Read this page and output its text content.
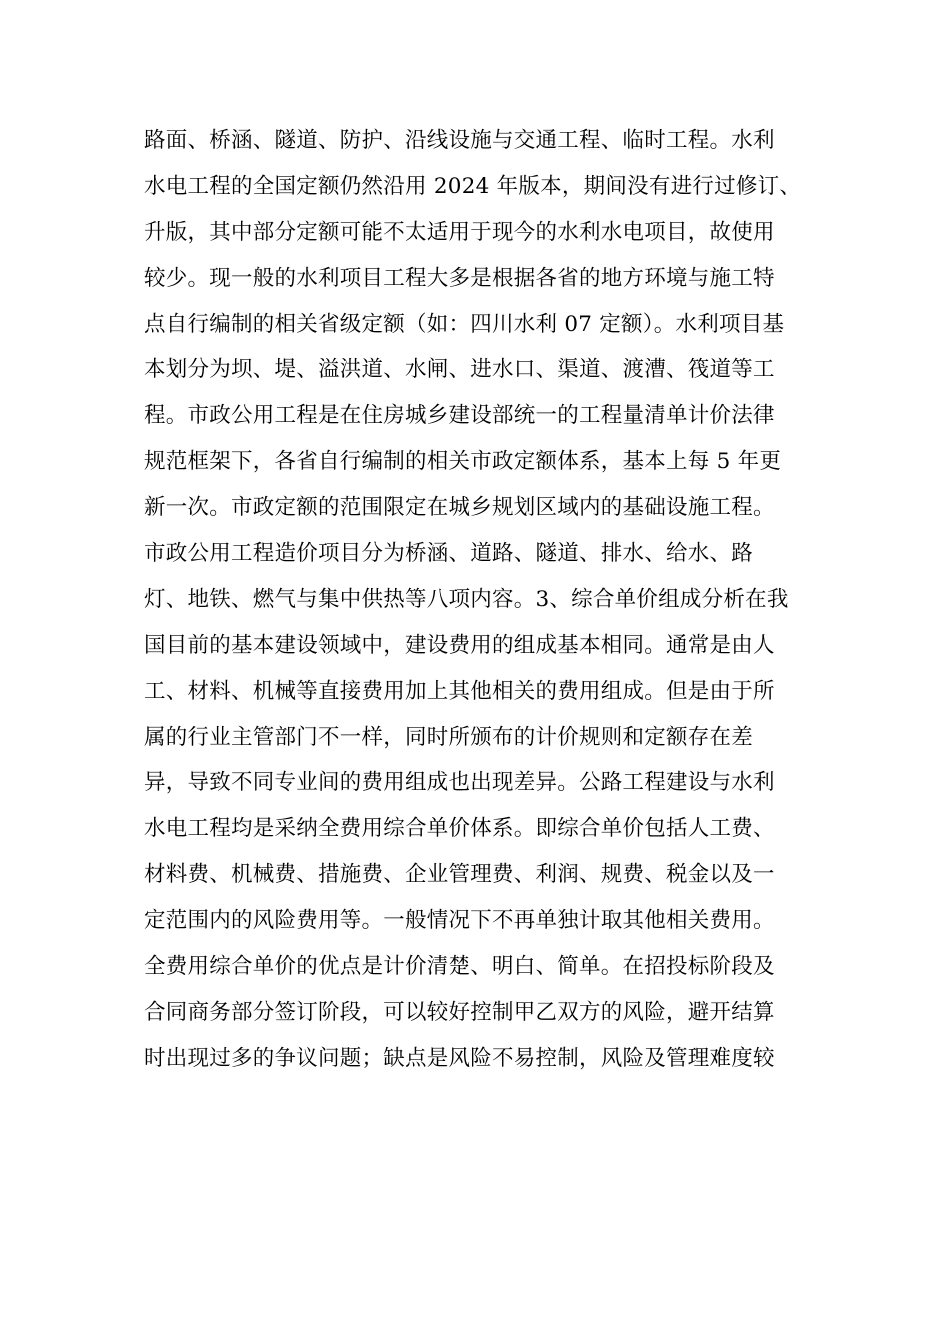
路面、桥涵、隧道、防护、沿线设施与交通工程、临时工程。水利
水电工程的全国定额仍然沿用 2024 年版本，期间没有进行过修订、
升版，其中部分定额可能不太适用于现今的水利水电项目，故使用
较少。现一般的水利项目工程大多是根据各省的地方环境与施工特
点自行编制的相关省级定额（如：四川水利 07 定额）。水利项目基
本划分为坝、堤、溢洪道、水闸、进水口、渠道、渡漕、筏道等工
程。市政公用工程是在住房城乡建设部统一的工程量清单计价法律
规范框架下，各省自行编制的相关市政定额体系，基本上每 5 年更
新一次。市政定额的范围限定在城乡规划区域内的基础设施工程。
市政公用工程造价项目分为桥涵、道路、隧道、排水、给水、路
灯、地铁、燃气与集中供热等八项内容。3、综合单价组成分析在我
国目前的基本建设领域中，建设费用的组成基本相同。通常是由人
工、材料、机械等直接费用加上其他相关的费用组成。但是由于所
属的行业主管部门不一样，同时所颁布的计价规则和定额存在差
异，导致不同专业间的费用组成也出现差异。公路工程建设与水利
水电工程均是采纳全费用综合单价体系。即综合单价包括人工费、
材料费、机械费、措施费、企业管理费、利润、规费、税金以及一
定范围内的风险费用等。一般情况下不再单独计取其他相关费用。
全费用综合单价的优点是计价清楚、明白、简单。在招投标阶段及
合同商务部分签订阶段，可以较好控制甲乙双方的风险，避开结算
时出现过多的争议问题；缺点是风险不易控制，风险及管理难度较
